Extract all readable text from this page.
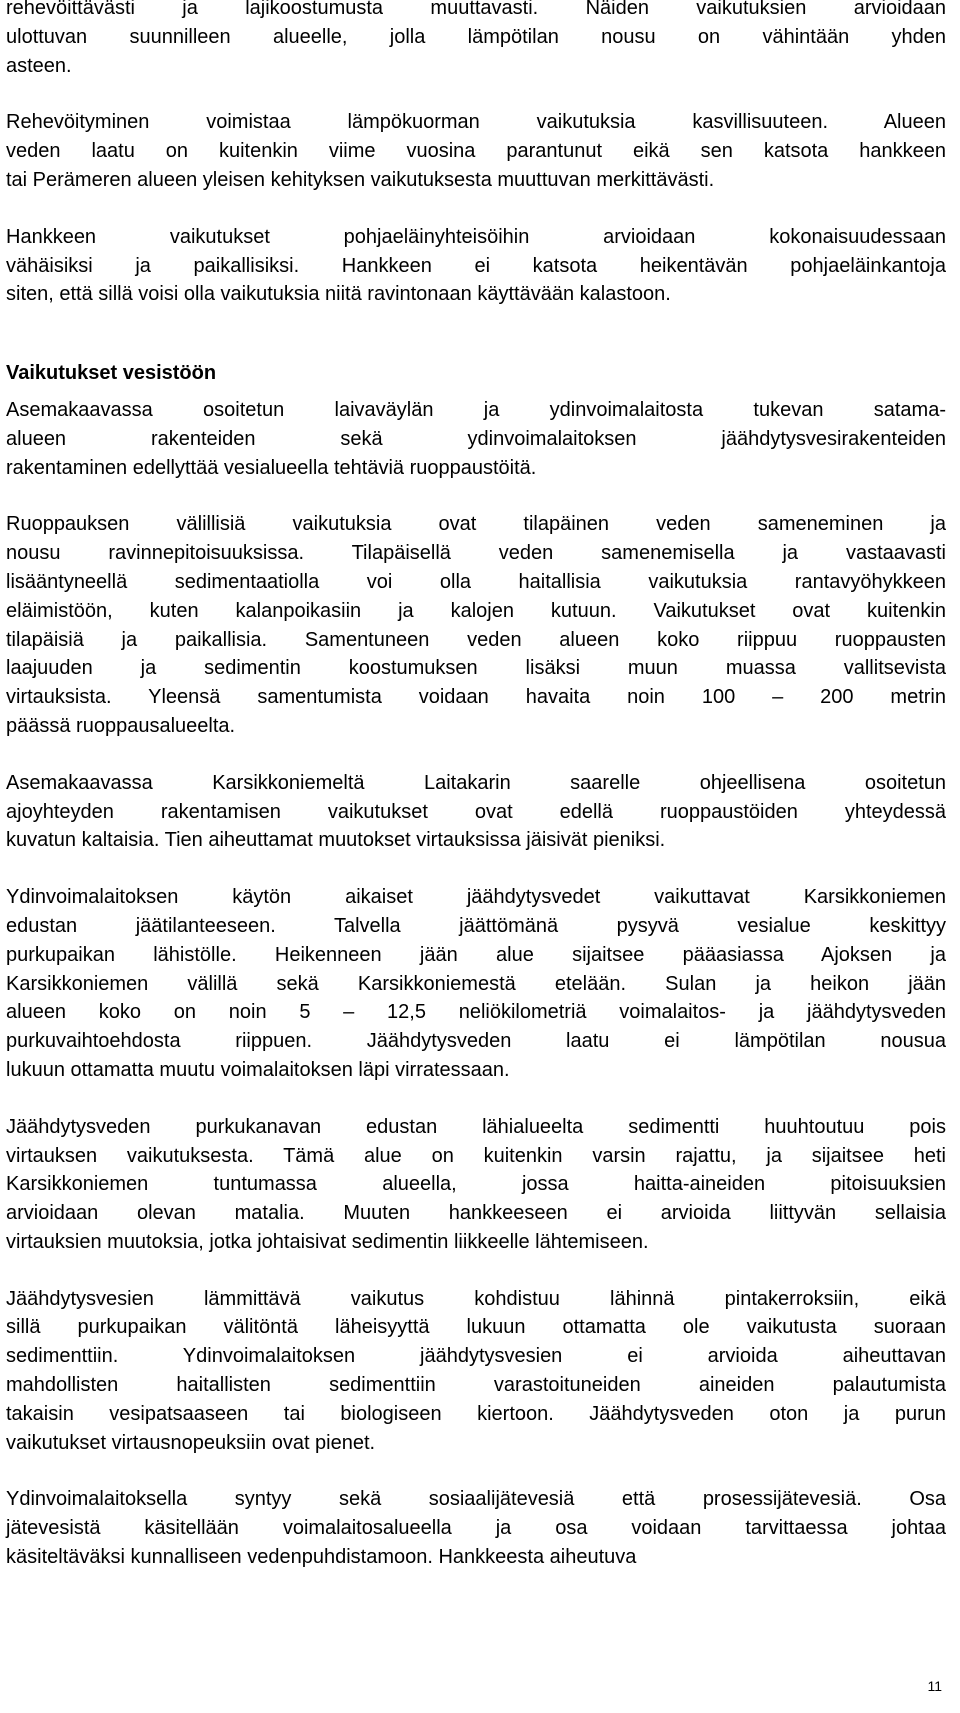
rehevöittävästi ja lajikoostumusta muuttavasti. Näiden vaikutuksien arvioidaan
ulottuvan suunnilleen alueelle, jolla lämpötilan nousu on vähintään yhden
asteen.
Rehevöityminen voimistaa lämpökuorman vaikutuksia kasvillisuuteen. Alueen
veden laatu on kuitenkin viime vuosina parantunut eikä sen katsota hankkeen
tai Perämeren alueen yleisen kehityksen vaikutuksesta muuttuvan merkittävästi.
Hankkeen vaikutukset pohjaeläinyhteisöihin arvioidaan kokonaisuudessaan
vähäisiksi ja paikallisiksi. Hankkeen ei katsota heikentävän pohjaeläinkantoja
siten, että sillä voisi olla vaikutuksia niitä ravintonaan käyttävään kalastoon.
Vaikutukset vesistöön
Asemakaavassa osoitetun laivaväylän ja ydinvoimalaitosta tukevan satama-
alueen rakenteiden sekä ydinvoimalaitoksen jäähdytysvesirakenteiden
rakentaminen edellyttää vesialueella tehtäviä ruoppaustöitä.
Ruoppauksen välillisiä vaikutuksia ovat tilapäinen veden sameneminen ja
nousu ravinnepitoisuuksissa. Tilapäisellä veden samenemisella ja vastaavasti
lisääntyneellä sedimentaatiolla voi olla haitallisia vaikutuksia rantavyöhykkeen
eläimistöön, kuten kalanpoikasiin ja kalojen kutuun. Vaikutukset ovat kuitenkin
tilapäisiä ja paikallisia. Samentuneen veden alueen koko riippuu ruoppausten
laajuuden ja sedimentin koostumuksen lisäksi muun muassa vallitsevista
virtauksista. Yleensä samentumista voidaan havaita noin 100 – 200 metrin
päässä ruoppausalueelta.
Asemakaavassa Karsikkoniemeltä Laitakarin saarelle ohjeellisena osoitetun
ajoyhteyden rakentamisen vaikutukset ovat edellä ruoppaustöiden yhteydessä
kuvatun kaltaisia. Tien aiheuttamat muutokset virtauksissa jäisivät pieniksi.
Ydinvoimalaitoksen käytön aikaiset jäähdytysvedet vaikuttavat Karsikkoniemen
edustan jäätilanteeseen. Talvella jäättömänä pysyvä vesialue keskittyy
purkupaikan lähistölle. Heikenneen jään alue sijaitsee pääasiassa Ajoksen ja
Karsikkoniemen välillä sekä Karsikkoniemestä etelään. Sulan ja heikon jään
alueen koko on noin 5 – 12,5 neliökilometriä voimalaitos- ja jäähdytysveden
purkuvaihtoehdosta riippuen. Jäähdytysveden laatu ei lämpötilan nousua
lukuun ottamatta muutu voimalaitoksen läpi virratessaan.
Jäähdytysveden purkukanavan edustan lähialueelta sedimentti huuhtoutuu pois
virtauksen vaikutuksesta. Tämä alue on kuitenkin varsin rajattu, ja sijaitsee heti
Karsikkoniemen tuntumassa alueella, jossa haitta-aineiden pitoisuuksien
arvioidaan olevan matalia. Muuten hankkeeseen ei arvioida liittyvän sellaisia
virtauksien muutoksia, jotka johtaisivat sedimentin liikkeelle lähtemiseen.
Jäähdytysvesien lämmittävä vaikutus kohdistuu lähinnä pintakerroksiin, eikä
sillä purkupaikan välitöntä läheisyyttä lukuun ottamatta ole vaikutusta suoraan
sedimenttiin. Ydinvoimalaitoksen jäähdytysvesien ei arvioida aiheuttavan
mahdollisten haitallisten sedimenttiin varastoituneiden aineiden palautumista
takaisin vesipatsaaseen tai biologiseen kiertoon. Jäähdytysveden oton ja purun
vaikutukset virtausnopeuksiin ovat pienet.
Ydinvoimalaitoksella syntyy sekä sosiaalijätevesiä että prosessijätevesiä. Osa
jätevesistä käsitellään voimalaitosalueella ja osa voidaan tarvittaessa johtaa
käsiteltäväksi kunnalliseen vedenpuhdistamoon. Hankkeesta aiheutuva
11
